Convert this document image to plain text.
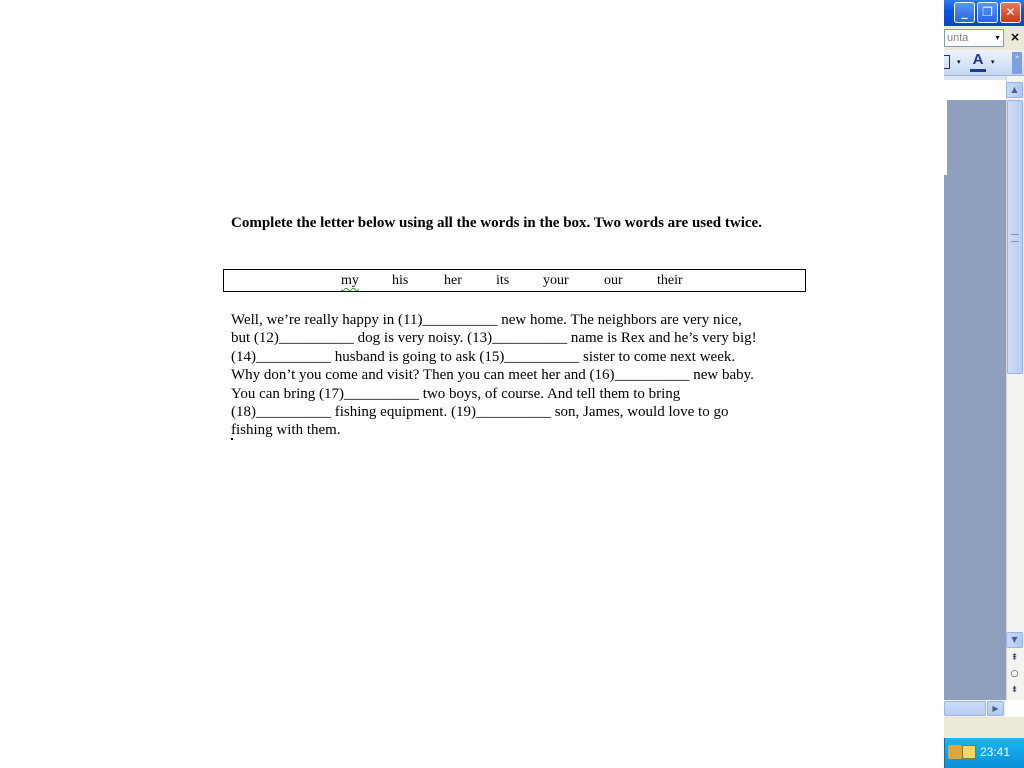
Complete the letter below using all the words in the box. Two words are used twice.
my his	her its your	our their
Well, we’re really happy in (11)__________ new home. The neighbors are very nice,
but (12)__________ dog is very noisy. (13)__________ name is Rex and he’s very big!
(14)__________ husband is going to ask (15)__________ sister to come next week.
Why don’t you come and visit? Then you can meet her and (16)__________ new baby.
You can bring (17)__________ two boys, of course. And tell them to bring
(18)__________ fishing equipment. (19)__________ son, James, would love to go
fishing with them.
_	❐	✕
unta	▾ ×
▾ A	▾
»
▲
▼
⇞
○
⇟
▶
23:41
